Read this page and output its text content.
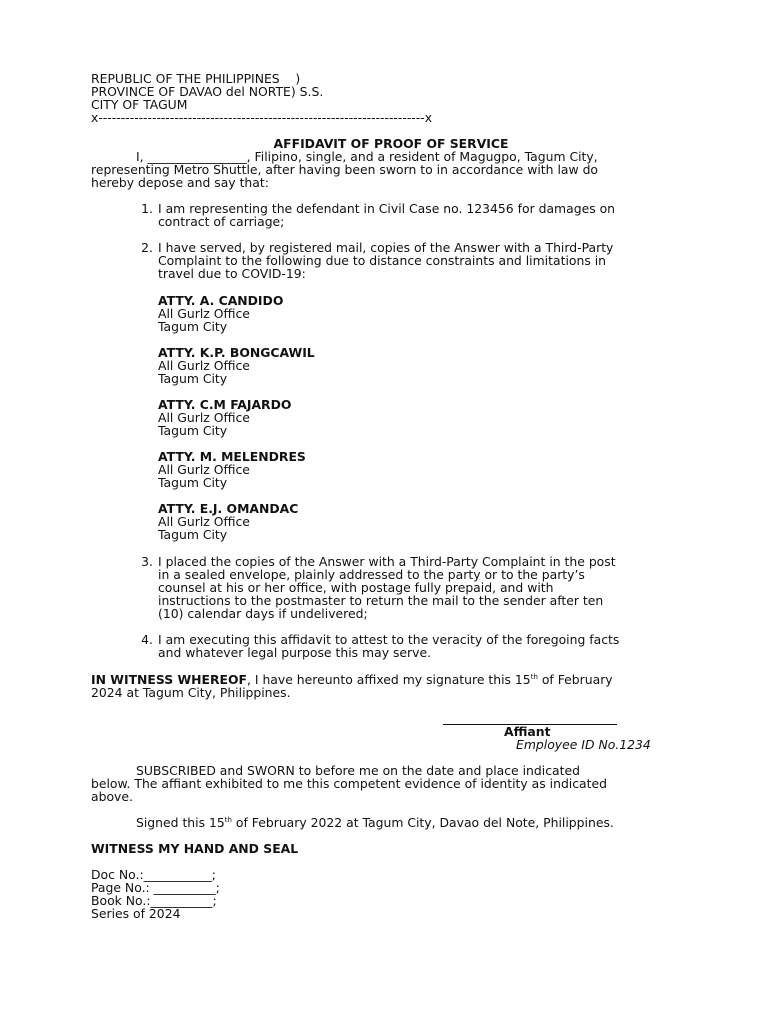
REPUBLIC OF THE PHILIPPINES    )
PROVINCE OF DAVAO del NORTE) S.S.
CITY OF TAGUM
x-------------------------------------------------------------------------x
AFFIDAVIT OF PROOF OF SERVICE
I, ________________, Filipino, single, and a resident of Magugpo, Tagum City,
representing Metro Shuttle, after having been sworn to in accordance with law do
hereby depose and say that:
1. I am representing the defendant in Civil Case no. 123456 for damages on
contract of carriage;
2. I have served, by registered mail, copies of the Answer with a Third-Party
Complaint to the following due to distance constraints and limitations in
travel due to COVID-19:
ATTY. A. CANDIDO
All Gurlz Office
Tagum City
ATTY. K.P. BONGCAWIL
All Gurlz Office
Tagum City
ATTY. C.M FAJARDO
All Gurlz Office
Tagum City
ATTY. M. MELENDRES
All Gurlz Office
Tagum City
ATTY. E.J. OMANDAC
All Gurlz Office
Tagum City
3. I placed the copies of the Answer with a Third-Party Complaint in the post
in a sealed envelope, plainly addressed to the party or to the party’s
counsel at his or her office, with postage fully prepaid, and with
instructions to the postmaster to return the mail to the sender after ten
(10) calendar days if undelivered;
4. I am executing this affidavit to attest to the veracity of the foregoing facts
and whatever legal purpose this may serve.
IN WITNESS WHEREOF, I have hereunto affixed my signature this 15th of February
2024 at Tagum City, Philippines.
Affiant
Employee ID No.1234
SUBSCRIBED and SWORN to before me on the date and place indicated
below. The affiant exhibited to me this competent evidence of identity as indicated
above.
Signed this 15th of February 2022 at Tagum City, Davao del Note, Philippines.
WITNESS MY HAND AND SEAL
Doc No.:___________;
Page No.: __________;
Book No.:__________;
Series of 2024
